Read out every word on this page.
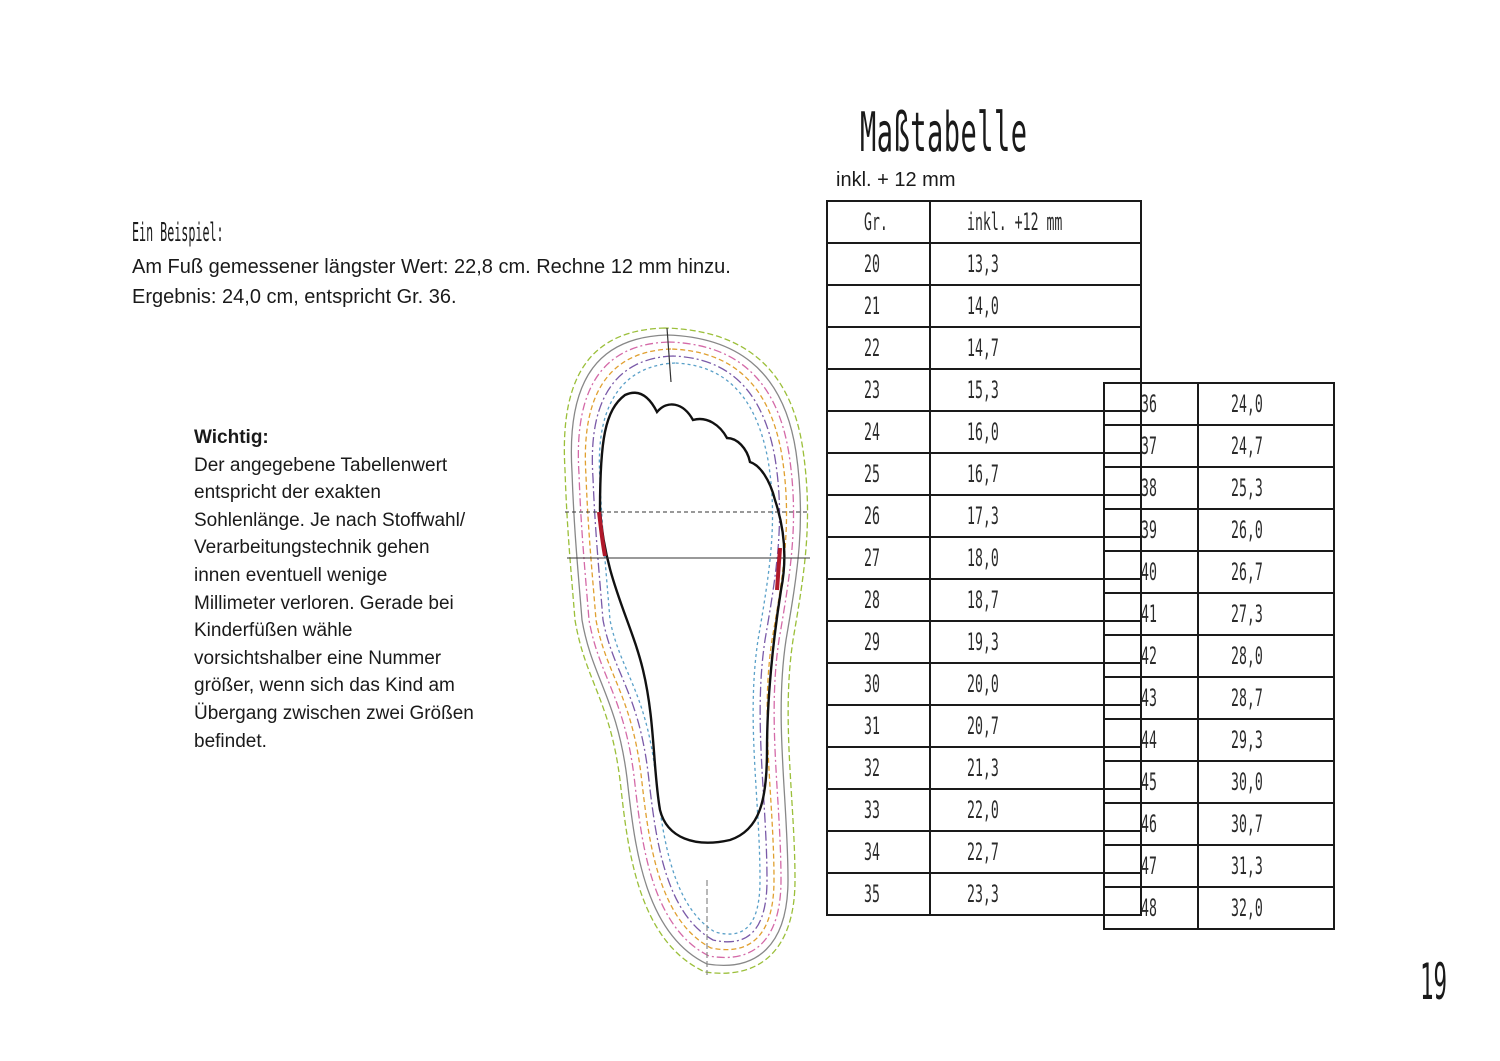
Maßtabelle
inkl. + 12 mm
Ein Beispiel:
Am Fuß gemessener längster Wert: 22,8 cm. Rechne 12 mm hinzu.
Ergebnis: 24,0 cm, entspricht Gr. 36.
Wichtig:
Der angegebene Tabellenwert
entspricht der exakten
Sohlenlänge. Je nach Stoffwahl/
Verarbeitungstechnik gehen
innen eventuell wenige
Millimeter verloren. Gerade bei
Kinderfüßen wähle
vorsichtshalber eine Nummer
größer, wenn sich das Kind am
Übergang zwischen zwei Größen
befindet.
Gr.	inkl. +12 mm
20	13,3
21	14,0
22	14,7
23	15,3
24	16,0
25	16,7
26	17,3
27	18,0
28	18,7
29	19,3
30	20,0
31	20,7
32	21,3
33	22,0
34	22,7
35	23,3
36	24,0
37	24,7
38	25,3
39	26,0
40	26,7
41	27,3
42	28,0
43	28,7
44	29,3
45	30,0
46	30,7
47	31,3
48	32,0
19
